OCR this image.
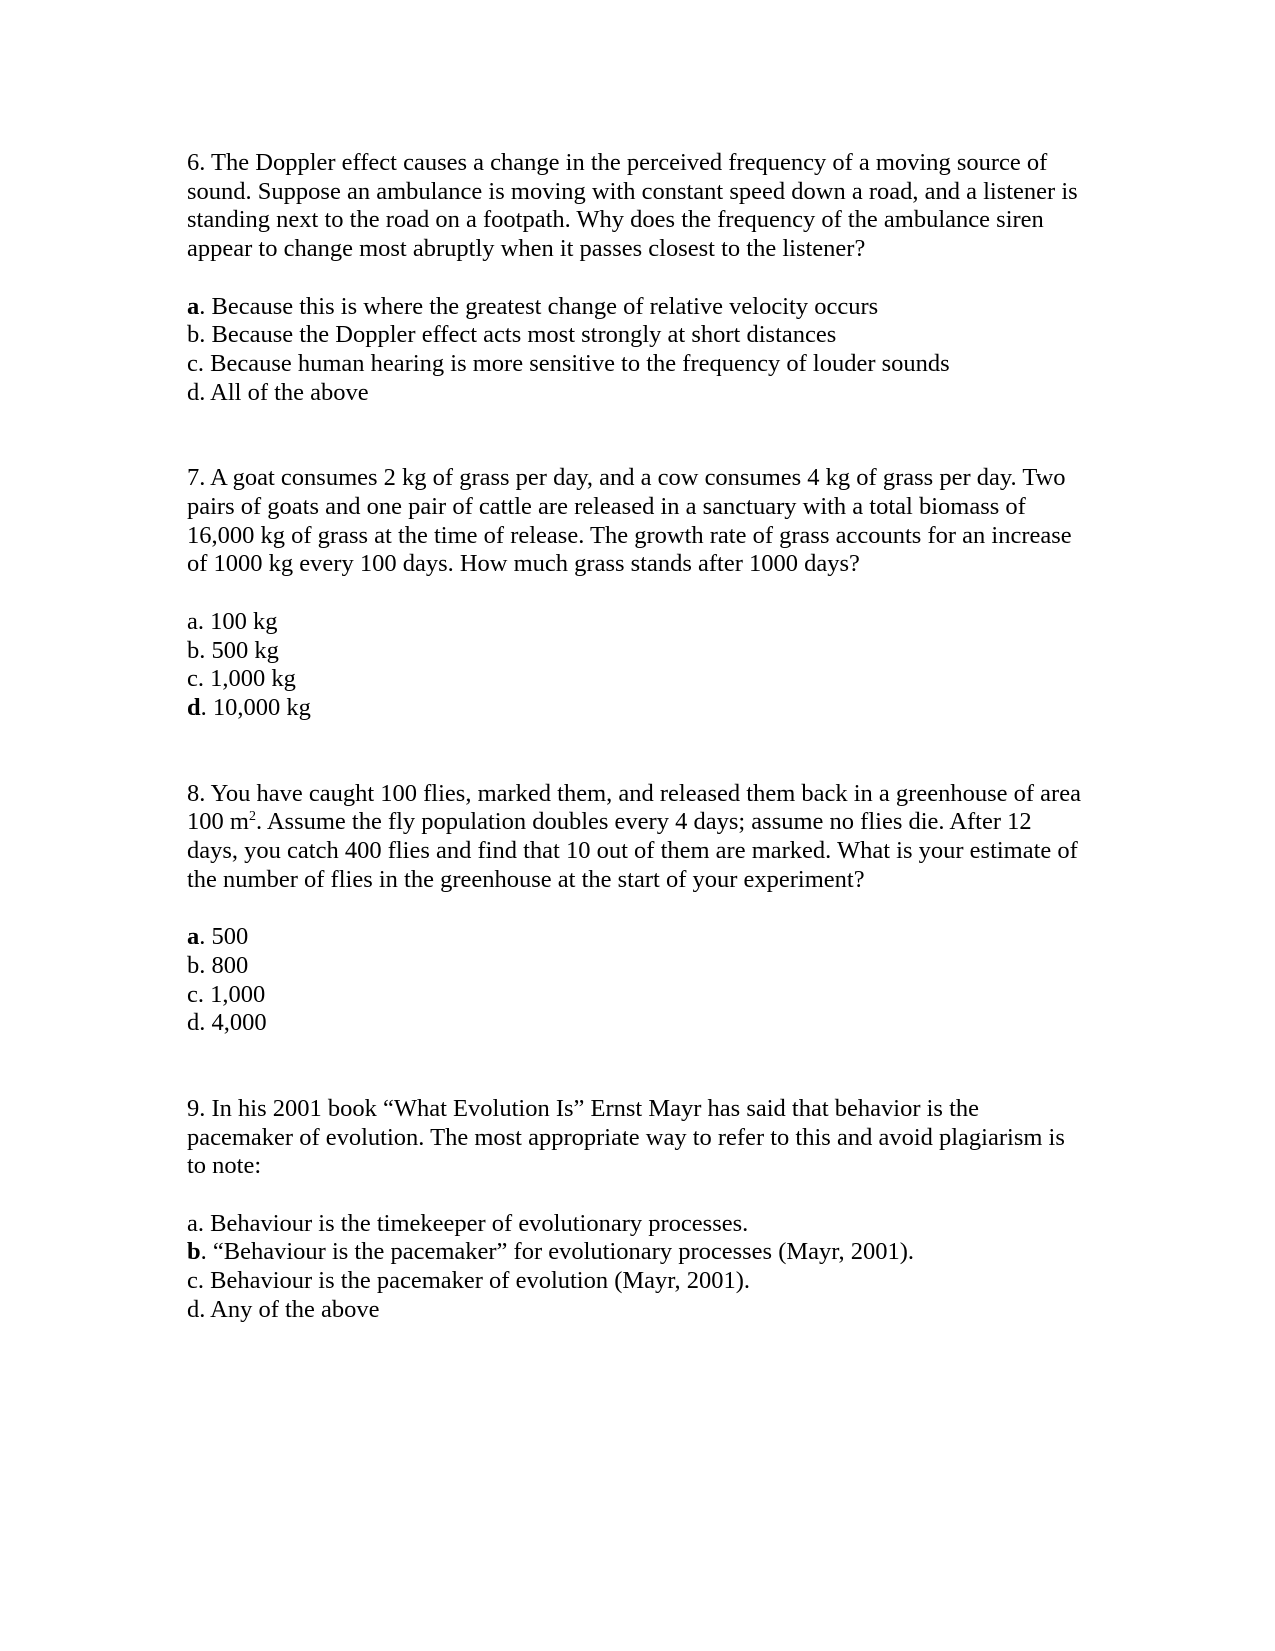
6. The Doppler effect causes a change in the perceived frequency of a moving source of sound. Suppose an ambulance is moving with constant speed down a road, and a listener is standing next to the road on a footpath. Why does the frequency of the ambulance siren appear to change most abruptly when it passes closest to the listener?

a. Because this is where the greatest change of relative velocity occurs
b. Because the Doppler effect acts most strongly at short distances
c. Because human hearing is more sensitive to the frequency of louder sounds
d. All of the above

7. A goat consumes 2 kg of grass per day, and a cow consumes 4 kg of grass per day. Two pairs of goats and one pair of cattle are released in a sanctuary with a total biomass of 16,000 kg of grass at the time of release. The growth rate of grass accounts for an increase of 1000 kg every 100 days. How much grass stands after 1000 days?

a. 100 kg
b. 500 kg
c. 1,000 kg
d. 10,000 kg

8. You have caught 100 flies, marked them, and released them back in a greenhouse of area 100 $m^2$. Assume the fly population doubles every 4 days; assume no flies die. After 12 days, you catch 400 flies and find that 10 out of them are marked. What is your estimate of the number of flies in the greenhouse at the start of your experiment?

a. 500
b. 800
c. 1,000
d. 4,000

9. In his 2001 book “What Evolution Is” Ernst Mayr has said that behavior is the pacemaker of evolution. The most appropriate way to refer to this and avoid plagiarism is to note:

a. Behaviour is the timekeeper of evolutionary processes.
b. “Behaviour is the pacemaker” for evolutionary processes (Mayr, 2001).
c. Behaviour is the pacemaker of evolution (Mayr, 2001).
d. Any of the above
